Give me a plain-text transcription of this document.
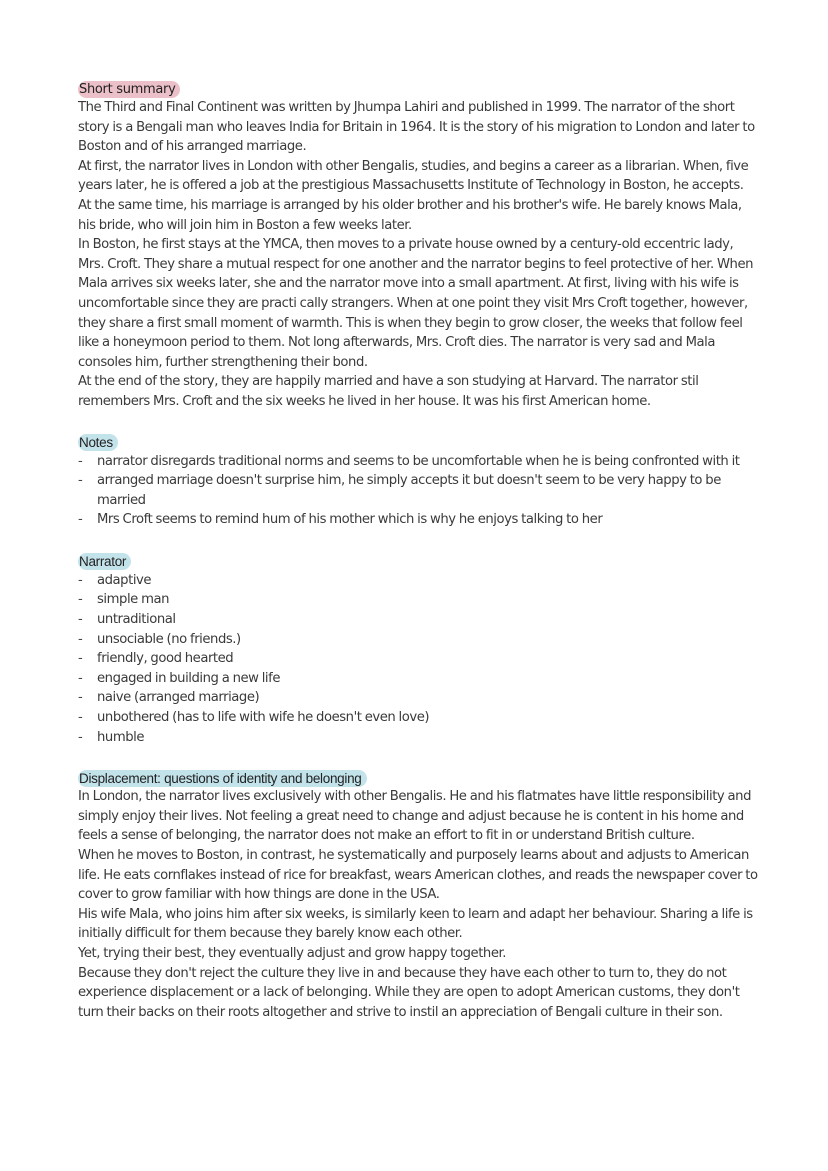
Short summary

The Third and Final Continent was written by Jhumpa Lahiri and published in 1999. The narrator of the short story is a Bengali man who leaves India for Britain in 1964. It is the story of his migration to London and later to Boston and of his arranged marriage.

At first, the narrator lives in London with other Bengalis, studies, and begins a career as a librarian. When, five years later, he is offered a job at the prestigious Massachusetts Institute of Technology in Boston, he accepts. At the same time, his marriage is arranged by his older brother and his brother's wife. He barely knows Mala, his bride, who will join him in Boston a few weeks later.

In Boston, he first stays at the YMCA, then moves to a private house owned by a century-old eccentric lady, Mrs. Croft. They share a mutual respect for one another and the narrator begins to feel protective of her. When Mala arrives six weeks later, she and the narrator move into a small apartment. At first, living with his wife is uncomfortable since they are practi cally strangers. When at one point they visit Mrs Croft together, however, they share a first small moment of warmth. This is when they begin to grow closer, the weeks that follow feel like a honeymoon period to them. Not long afterwards, Mrs. Croft dies. The narrator is very sad and Mala consoles him, further strengthening their bond.

At the end of the story, they are happily married and have a son studying at Harvard. The narrator stil remembers Mrs. Croft and the six weeks he lived in her house. It was his first American home.

Notes
-	narrator disregards traditional norms and seems to be uncomfortable when he is being confronted with it
-	arranged marriage doesn't surprise him, he simply accepts it but doesn't seem to be very happy to be married
-	Mrs Croft seems to remind hum of his mother which is why he enjoys talking to her
Narrator
-	adaptive
-	simple man
-	untraditional
-	unsociable (no friends.)
-	friendly, good hearted
-	engaged in building a new life
-	naive (arranged marriage)
-	unbothered (has to life with wife he doesn't even love)
-	humble
Displacement: questions of identity and belonging

In London, the narrator lives exclusively with other Bengalis. He and his flatmates have little responsibility and simply enjoy their lives. Not feeling a great need to change and adjust because he is content in his home and feels a sense of belonging, the narrator does not make an effort to fit in or understand British culture.

When he moves to Boston, in contrast, he systematically and purposely learns about and adjusts to American life. He eats cornflakes instead of rice for breakfast, wears American clothes, and reads the newspaper cover to cover to grow familiar with how things are done in the USA.

His wife Mala, who joins him after six weeks, is similarly keen to learn and adapt her behaviour. Sharing a life is initially difficult for them because they barely know each other.

Yet, trying their best, they eventually adjust and grow happy together.

Because they don't reject the culture they live in and because they have each other to turn to, they do not experience displacement or a lack of belonging. While they are open to adopt American customs, they don't turn their backs on their roots altogether and strive to instil an appreciation of Bengali culture in their son.
